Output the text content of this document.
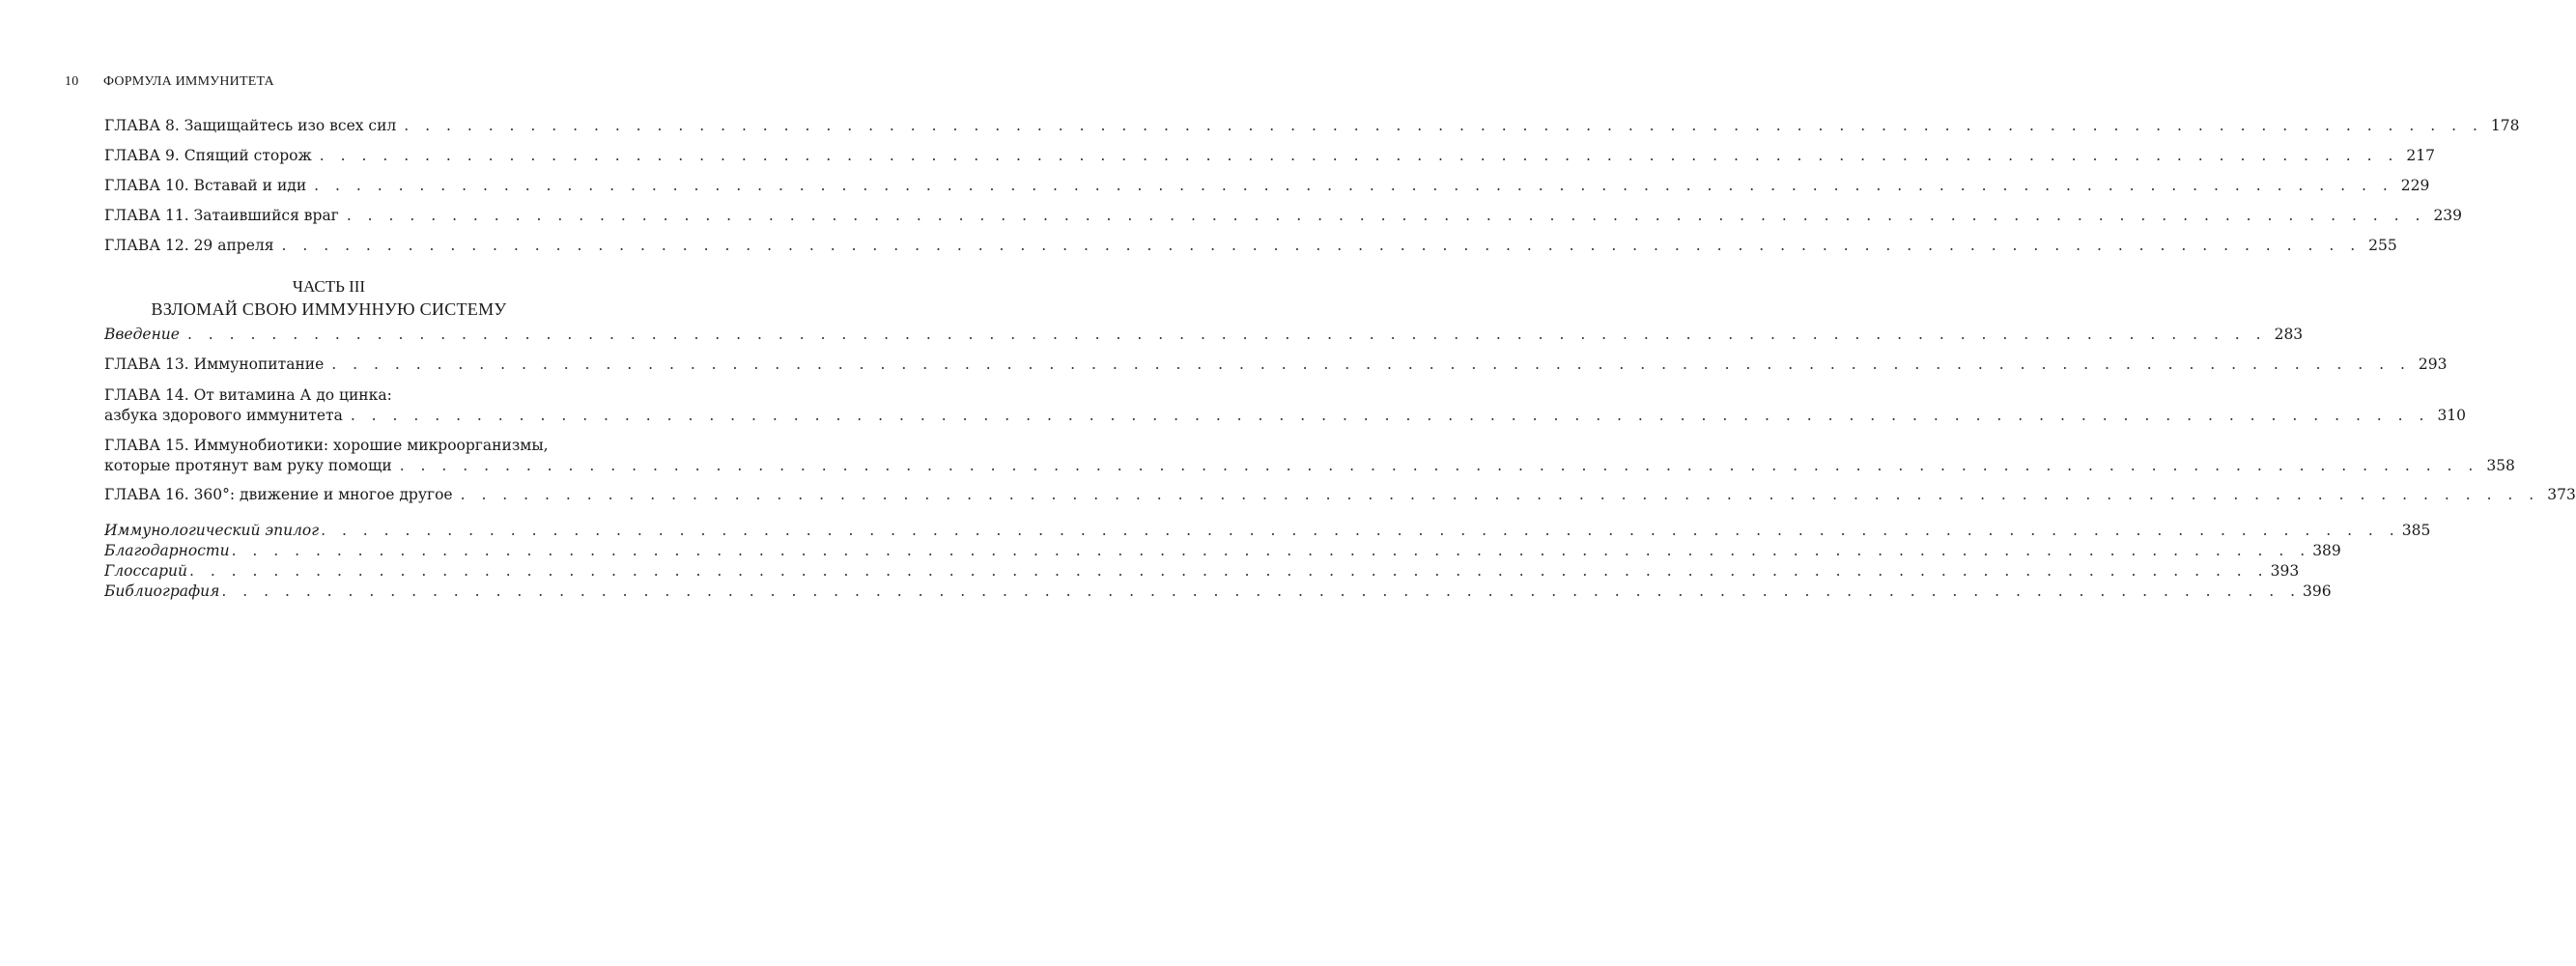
10 ФОРМУЛА ИММУНИТЕТА
ГЛАВА 8. Защищайтесь изо всех сил . . . . . . . . . . . . . . . . . . . . . . . . . . . . . . . . . . . . . . . . . . . . . . . . . . . . . . . . . . . . . . . . . . . . . . . . . . . . . . . . . . . . . . . . . . . . . . . . . . . 178
ГЛАВА 9. Спящий сторож . . . . . . . . . . . . . . . . . . . . . . . . . . . . . . . . . . . . . . . . . . . . . . . . . . . . . . . . . . . . . . . . . . . . . . . . . . . . . . . . . . . . . . . . . . . . . . . . . . . 217
ГЛАВА 10. Вставай и иди . . . . . . . . . . . . . . . . . . . . . . . . . . . . . . . . . . . . . . . . . . . . . . . . . . . . . . . . . . . . . . . . . . . . . . . . . . . . . . . . . . . . . . . . . . . . . . . . . . . 229
ГЛАВА 11. Затаившийся враг . . . . . . . . . . . . . . . . . . . . . . . . . . . . . . . . . . . . . . . . . . . . . . . . . . . . . . . . . . . . . . . . . . . . . . . . . . . . . . . . . . . . . . . . . . . . . . . . . . . 239
ГЛАВА 12. 29 апреля . . . . . . . . . . . . . . . . . . . . . . . . . . . . . . . . . . . . . . . . . . . . . . . . . . . . . . . . . . . . . . . . . . . . . . . . . . . . . . . . . . . . . . . . . . . . . . . . . . . 255
ЧАСТЬ III
ВЗЛОМАЙ СВОЮ ИММУННУЮ СИСТЕМУ
Введение . . . . . . . . . . . . . . . . . . . . . . . . . . . . . . . . . . . . . . . . . . . . . . . . . . . . . . . . . . . . . . . . . . . . . . . . . . . . . . . . . . . . . . . . . . . . . . . . . . . 283
ГЛАВА 13. Иммунопитание . . . . . . . . . . . . . . . . . . . . . . . . . . . . . . . . . . . . . . . . . . . . . . . . . . . . . . . . . . . . . . . . . . . . . . . . . . . . . . . . . . . . . . . . . . . . . . . . . . . 293
ГЛАВА 14. От витамина А до цинка:
азбука здорового иммунитета . . . . . . . . . . . . . . . . . . . . . . . . . . . . . . . . . . . . . . . . . . . . . . . . . . . . . . . . . . . . . . . . . . . . . . . . . . . . . . . . . . . . . . . . . . . . . . . . . . . 310
ГЛАВА 15. Иммунобиотики: хорошие микроорганизмы,
которые протянут вам руку помощи . . . . . . . . . . . . . . . . . . . . . . . . . . . . . . . . . . . . . . . . . . . . . . . . . . . . . . . . . . . . . . . . . . . . . . . . . . . . . . . . . . . . . . . . . . . . . . . . . . . 358
ГЛАВА 16. 360°: движение и многое другое . . . . . . . . . . . . . . . . . . . . . . . . . . . . . . . . . . . . . . . . . . . . . . . . . . . . . . . . . . . . . . . . . . . . . . . . . . . . . . . . . . . . . . . . . . . . . . . . . . . 373
Иммунологический эпилог . . . . . . . . . . . . . . . . . . . . . . . . . . . . . . . . . . . . . . . . . . . . . . . . . . . . . . . . . . . . . . . . . . . . . . . . . . . . . . . . . . . . . . . . . . . . . . . . . . . 385
Благодарности . . . . . . . . . . . . . . . . . . . . . . . . . . . . . . . . . . . . . . . . . . . . . . . . . . . . . . . . . . . . . . . . . . . . . . . . . . . . . . . . . . . . . . . . . . . . . . . . . . . 389
Глоссарий . . . . . . . . . . . . . . . . . . . . . . . . . . . . . . . . . . . . . . . . . . . . . . . . . . . . . . . . . . . . . . . . . . . . . . . . . . . . . . . . . . . . . . . . . . . . . . . . . . . 393
Библиография . . . . . . . . . . . . . . . . . . . . . . . . . . . . . . . . . . . . . . . . . . . . . . . . . . . . . . . . . . . . . . . . . . . . . . . . . . . . . . . . . . . . . . . . . . . . . . . . . . . 396
